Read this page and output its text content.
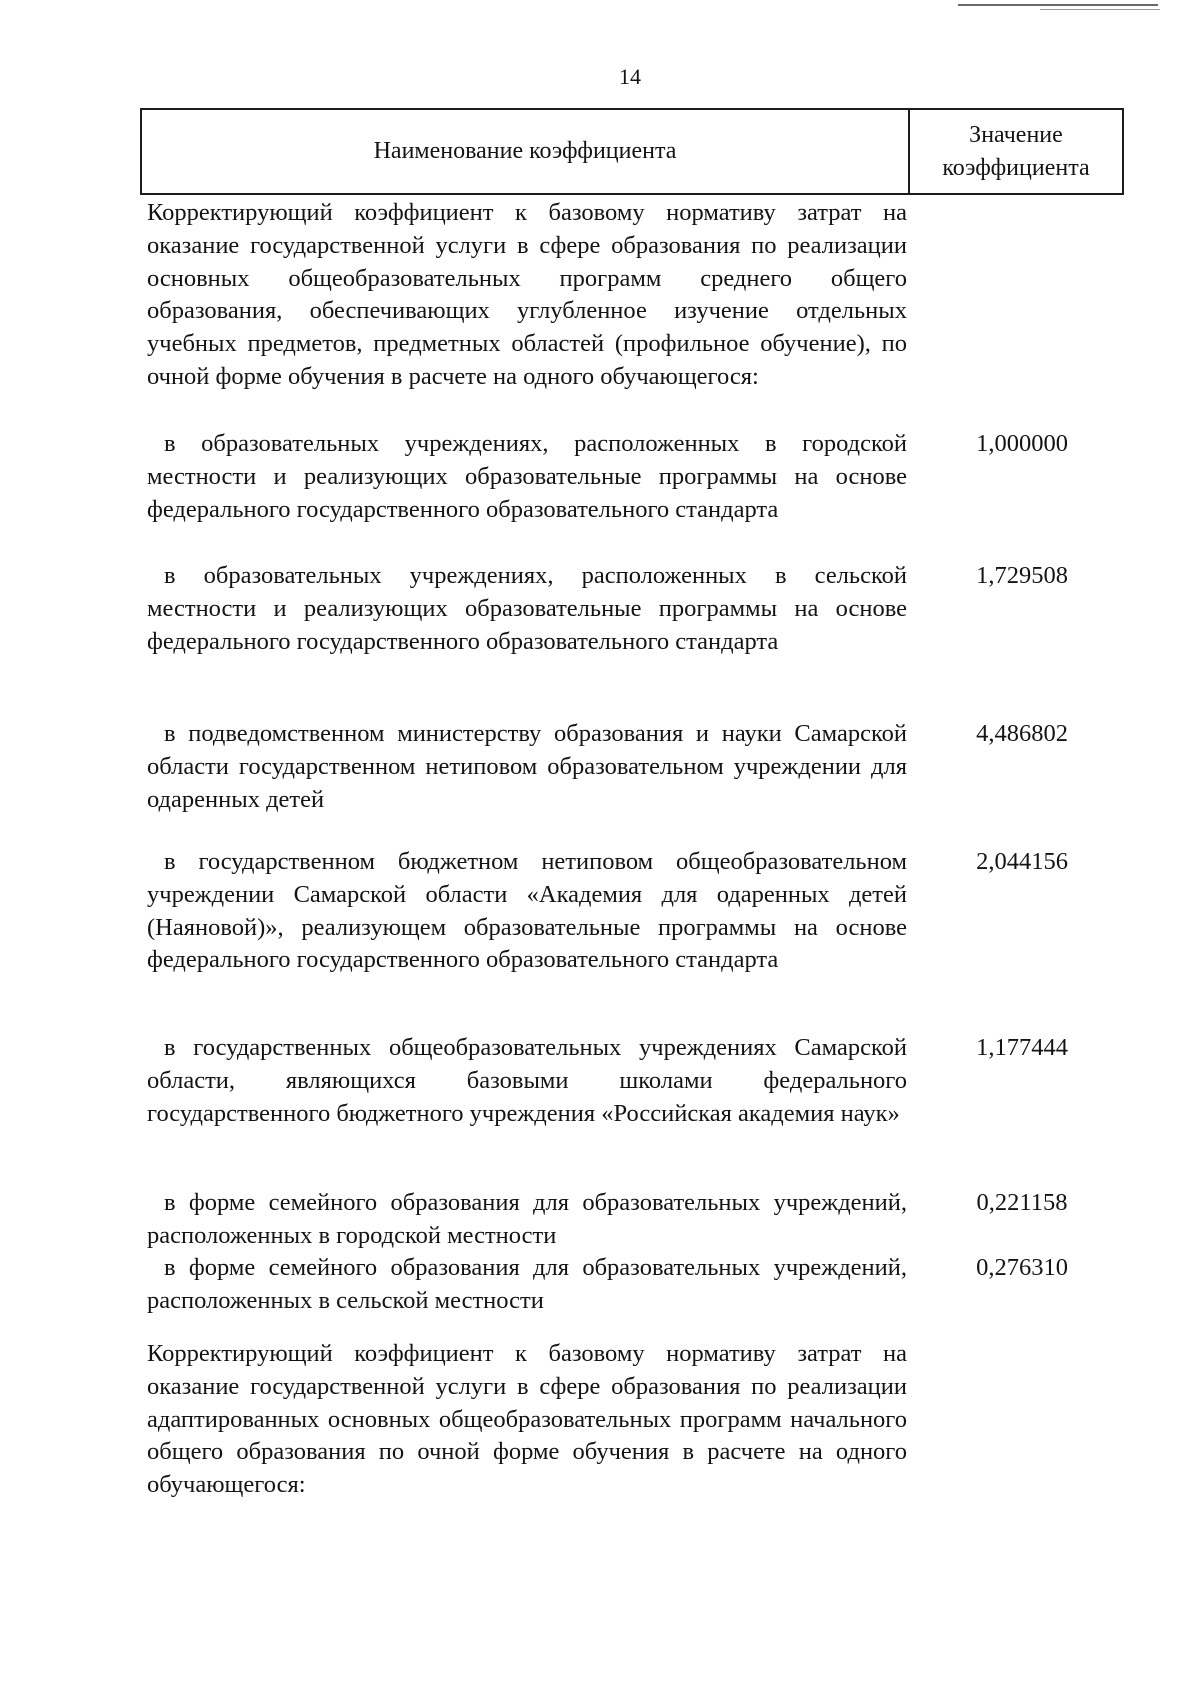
14
Наименование коэффициента
Значение
коэффициента
Корректирующий коэффициент к базовому нормативу затрат на оказание государственной услуги в сфере образования по реализации основных общеобразовательных программ среднего общего образования, обеспечивающих углубленное изучение отдельных учебных предметов, предметных областей (профильное обучение), по очной форме обучения в расчете на одного обучающегося:
в образовательных учреждениях, расположенных в городской местности и реализующих образовательные программы на основе федерального государственного образовательного стандарта
1,000000
в образовательных учреждениях, расположенных в сельской местности и реализующих образовательные программы на основе федерального государственного образовательного стандарта
1,729508
в подведомственном министерству образования и науки Самарской области государственном нетиповом образовательном учреждении для одаренных детей
4,486802
в государственном бюджетном нетиповом общеобразовательном учреждении Самарской области «Академия для одаренных детей (Наяновой)», реализующем образовательные программы на основе федерального государственного образовательного стандарта
2,044156
в государственных общеобразовательных учреждениях Самарской области, являющихся базовыми школами федерального государственного бюджетного учреждения «Российская академия наук»
1,177444
в форме семейного образования для образовательных учреждений, расположенных в городской местности
0,221158
в форме семейного образования для образовательных учреждений, расположенных в сельской местности
0,276310
Корректирующий коэффициент к базовому нормативу затрат на оказание государственной услуги в сфере образования по реализации адаптированных основных общеобразовательных программ начального общего образования по очной форме обучения в расчете на одного обучающегося:
